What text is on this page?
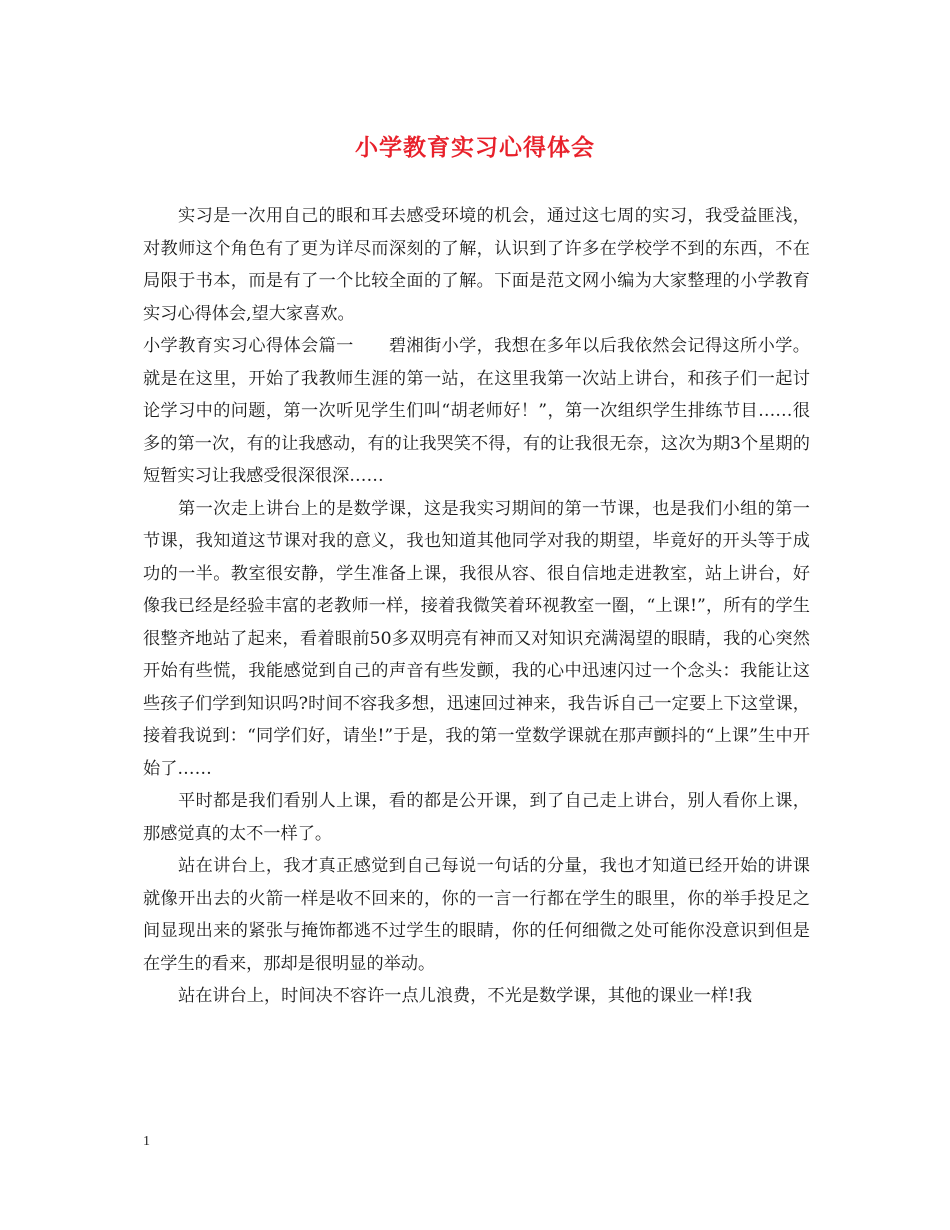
小学教育实习心得体会

实习是一次用自己的眼和耳去感受环境的机会，通过这七周的实习，我受益匪浅，对教师这个角色有了更为详尽而深刻的了解，认识到了许多在学校学不到的东西，不在局限于书本，而是有了一个比较全面的了解。下面是范文网小编为大家整理的小学教育实习心得体会,望大家喜欢。

小学教育实习心得体会篇一　　碧湘街小学，我想在多年以后我依然会记得这所小学。就是在这里，开始了我教师生涯的第一站，在这里我第一次站上讲台，和孩子们一起讨论学习中的问题，第一次听见学生们叫“胡老师好！”，第一次组织学生排练节目……很多的第一次，有的让我感动，有的让我哭笑不得，有的让我很无奈，这次为期3个星期的短暂实习让我感受很深很深……

第一次走上讲台上的是数学课，这是我实习期间的第一节课，也是我们小组的第一节课，我知道这节课对我的意义，我也知道其他同学对我的期望，毕竟好的开头等于成功的一半。教室很安静，学生准备上课，我很从容、很自信地走进教室，站上讲台，好像我已经是经验丰富的老教师一样，接着我微笑着环视教室一圈，“上课!”，所有的学生很整齐地站了起来，看着眼前50多双明亮有神而又对知识充满渴望的眼睛，我的心突然开始有些慌，我能感觉到自己的声音有些发颤，我的心中迅速闪过一个念头：我能让这些孩子们学到知识吗?时间不容我多想，迅速回过神来，我告诉自己一定要上下这堂课，接着我说到：“同学们好，请坐!”于是，我的第一堂数学课就在那声颤抖的“上课”生中开始了……

平时都是我们看别人上课，看的都是公开课，到了自己走上讲台，别人看你上课，那感觉真的太不一样了。

站在讲台上，我才真正感觉到自己每说一句话的分量，我也才知道已经开始的讲课就像开出去的火箭一样是收不回来的，你的一言一行都在学生的眼里，你的举手投足之间显现出来的紧张与掩饰都逃不过学生的眼睛，你的任何细微之处可能你没意识到但是在学生的看来，那却是很明显的举动。

站在讲台上，时间决不容许一点儿浪费，不光是数学课，其他的课业一样!我

1
